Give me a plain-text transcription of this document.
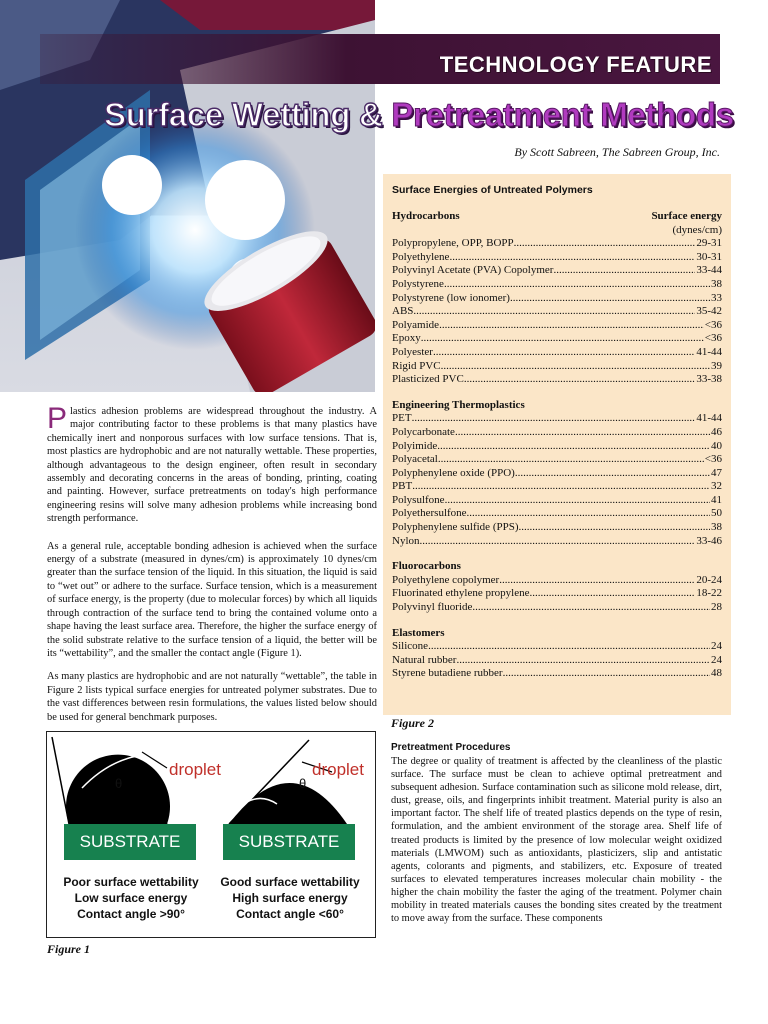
TECHNOLOGY FEATURE
Surface Wetting & Pretreatment Methods
By Scott Sabreen, The Sabreen Group, Inc.

Plastics adhesion problems are widespread throughout the industry. A major contributing factor to these problems is that many plastics have chemically inert and nonporous surfaces with low surface tensions. That is, most plastics are hydrophobic and are not naturally wettable. These properties, although advantageous to the design engineer, often result in secondary assembly and decorating concerns in the areas of bonding, printing, coating and painting. However, surface pretreatments on today's high performance engineering resins will solve many adhesion problems while increasing bond strength performance.

As a general rule, acceptable bonding adhesion is achieved when the surface energy of a substrate (measured in dynes/cm) is approximately 10 dynes/cm greater than the surface tension of the liquid. In this situation, the liquid is said to “wet out” or adhere to the surface. Surface tension, which is a measurement of surface energy, is the property (due to molecular forces) by which all liquids through contraction of the surface tend to bring the contained volume onto a shape having the least surface area. Therefore, the higher the surface energy of the solid substrate relative to the surface tension of a liquid, the better will be its “wettability”, and the smaller the contact angle (Figure 1).

As many plastics are hydrophobic and are not naturally “wettable”, the table in Figure 2 lists typical surface energies for untreated polymer substrates. Due to the vast differences between resin formulations, the values listed below should be used for general benchmark purposes.

θ	θ
droplet	droplet
SUBSTRATE	SUBSTRATE
Poor surface wettability
Low surface energy
Contact angle >90°
Good surface wettability
High surface energy
Contact angle <60°
Figure 1
Surface Energies of Untreated Polymers
Hydrocarbons	Surface energy
(dynes/cm)
Polypropylene, OPP, BOPP .....	29-31
Polyethylene .....	30-31
Polyvinyl Acetate (PVA) Copolymer .....	33-44
Polystyrene .....	38
Polystyrene (low ionomer) .....	33
ABS .....	35-42
Polyamide .....	<36
Epoxy .....	<36
Polyester .....	41-44
Rigid PVC .....	39
Plasticized PVC .....	33-38
Engineering Thermoplastics
PET .....	41-44
Polycarbonate .....	46
Polyimide .....	40
Polyacetal .....	<36
Polyphenylene oxide (PPO) .....	47
PBT .....	32
Polysulfone .....	41
Polyethersulfone .....	50
Polyphenylene sulfide (PPS) .....	38
Nylon .....	33-46
Fluorocarbons
Polyethylene copolymer .....	20-24
Fluorinated ethylene propylene .....	18-22
Polyvinyl fluoride .....	28
Elastomers
Silicone .....	24
Natural rubber .....	24
Styrene butadiene rubber .....	48
Figure 2
Pretreatment Procedures
The degree or quality of treatment is affected by the cleanliness of the plastic surface. The surface must be clean to achieve optimal pretreatment and subsequent adhesion. Surface contamination such as silicone mold release, dirt, dust, grease, oils, and fingerprints inhibit treatment. Material purity is also an important factor. The shelf life of treated plastics depends on the type of resin, formulation, and the ambient environment of the storage area. Shelf life of treated products is limited by the presence of low molecular weight oxidized materials (LMWOM) such as antioxidants, plasticizers, slip and antistatic agents, colorants and pigments, and stabilizers, etc. Exposure of treated surfaces to elevated temperatures increases molecular chain mobility - the higher the chain mobility the faster the aging of the treatment. Polymer chain mobility in treated materials causes the bonding sites created by the treatment to move away from the surface. These components
